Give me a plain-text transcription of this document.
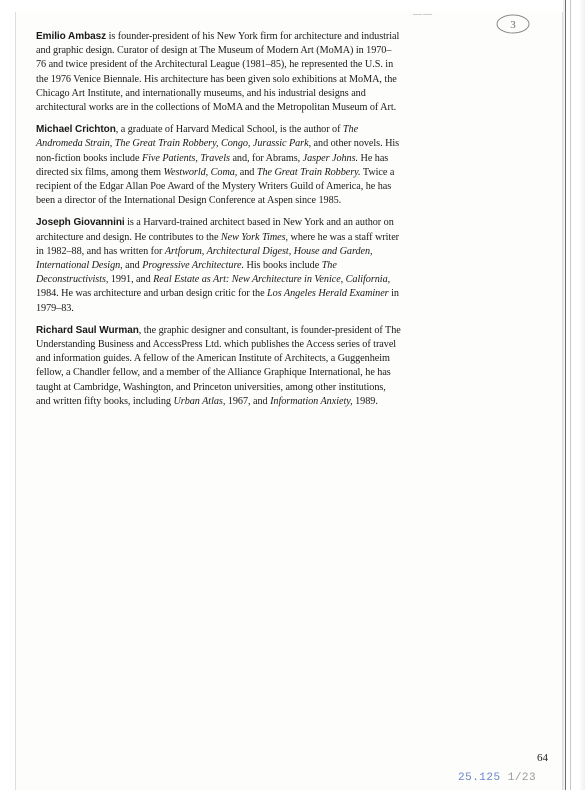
——
3

Emilio Ambasz is founder-president of his New York firm for architecture and industrial and graphic design. Curator of design at The Museum of Modern Art (MoMA) in 1970–76 and twice president of the Architectural League (1981–85), he represented the U.S. in the 1976 Venice Biennale. His architecture has been given solo exhibitions at MoMA, the Chicago Art Institute, and internationally museums, and his industrial designs and architectural works are in the collections of MoMA and the Metropolitan Museum of Art.

Michael Crichton, a graduate of Harvard Medical School, is the author of The Andromeda Strain, The Great Train Robbery, Congo, Jurassic Park, and other novels. His non-fiction books include Five Patients, Travels and, for Abrams, Jasper Johns. He has directed six films, among them Westworld, Coma, and The Great Train Robbery. Twice a recipient of the Edgar Allan Poe Award of the Mystery Writers Guild of America, he has been a director of the International Design Conference at Aspen since 1985.

Joseph Giovannini is a Harvard-trained architect based in New York and an author on architecture and design. He contributes to the New York Times, where he was a staff writer in 1982–88, and has written for Artforum, Architectural Digest, House and Garden, International Design, and Progressive Architecture. His books include The Deconstructivists, 1991, and Real Estate as Art: New Architecture in Venice, California, 1984. He was architecture and urban design critic for the Los Angeles Herald Examiner in 1979–83.

Richard Saul Wurman, the graphic designer and consultant, is founder-president of The Understanding Business and AccessPress Ltd. which publishes the Access series of travel and information guides. A fellow of the American Institute of Architects, a Guggenheim fellow, a Chandler fellow, and a member of the Alliance Graphique International, he has taught at Cambridge, Washington, and Princeton universities, among other institutions, and written fifty books, including Urban Atlas, 1967, and Information Anxiety, 1989.

64
25.125 1/23
